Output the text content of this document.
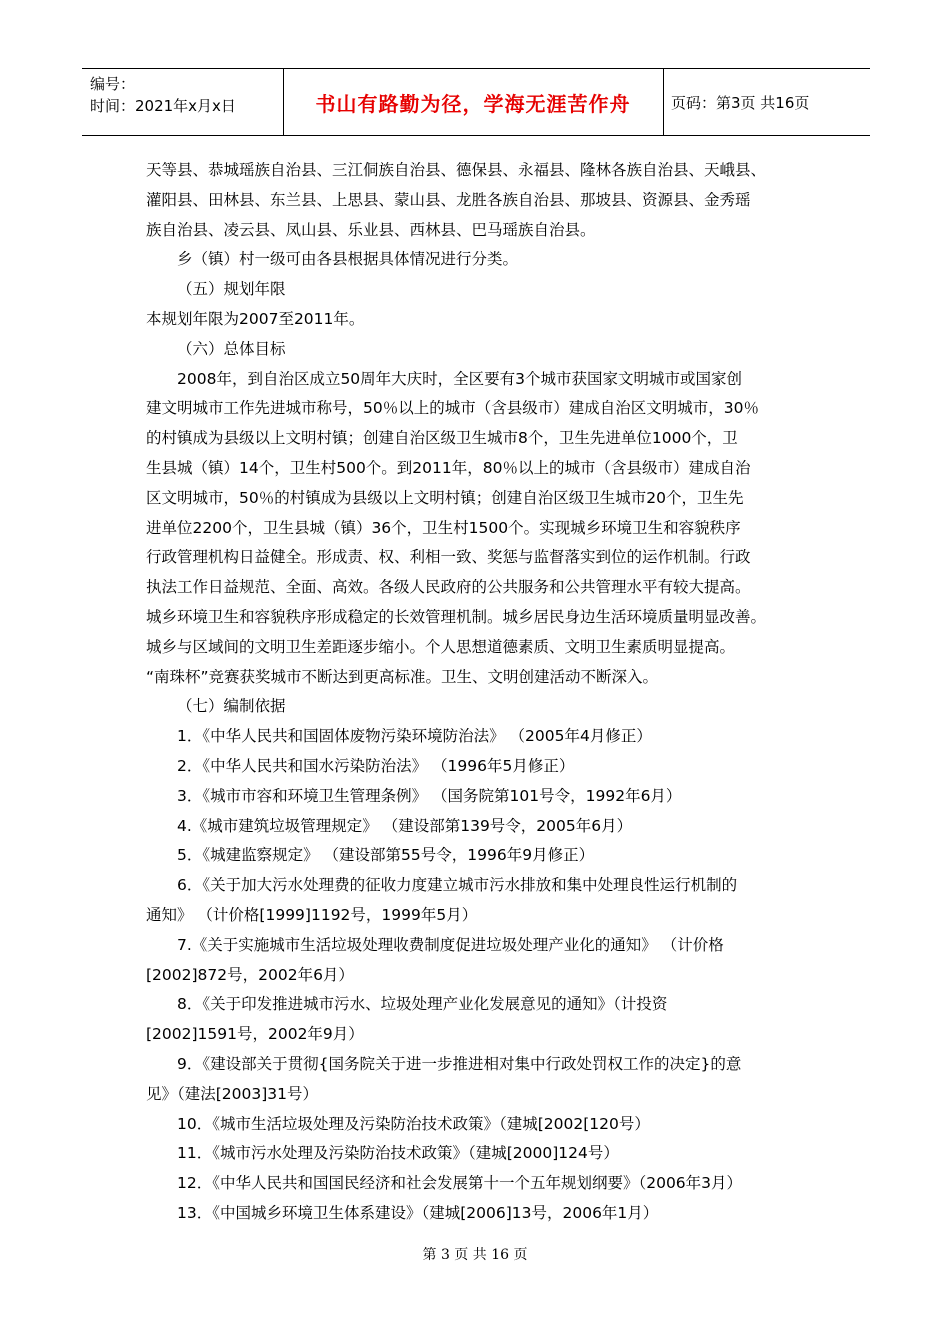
编号：
时间：2021年x月x日	书山有路勤为径，学海无涯苦作舟	页码：第3页 共16页

天等县、恭城瑶族自治县、三江侗族自治县、德保县、永福县、隆林各族自治县、天峨县、

灌阳县、田林县、东兰县、上思县、蒙山县、龙胜各族自治县、那坡县、资源县、金秀瑶

族自治县、凌云县、凤山县、乐业县、西林县、巴马瑶族自治县。

乡（镇）村一级可由各县根据具体情况进行分类。

（五）规划年限

本规划年限为2007至2011年。

（六）总体目标

2008年，到自治区成立50周年大庆时，全区要有3个城市获国家文明城市或国家创

建文明城市工作先进城市称号，50％以上的城市（含县级市）建成自治区文明城市，30％

的村镇成为县级以上文明村镇；创建自治区级卫生城市8个，卫生先进单位1000个，卫

生县城（镇）14个，卫生村500个。到2011年，80％以上的城市（含县级市）建成自治

区文明城市，50％的村镇成为县级以上文明村镇；创建自治区级卫生城市20个，卫生先

进单位2200个，卫生县城（镇）36个，卫生村1500个。实现城乡环境卫生和容貌秩序

行政管理机构日益健全。形成责、权、利相一致、奖惩与监督落实到位的运作机制。行政

执法工作日益规范、全面、高效。各级人民政府的公共服务和公共管理水平有较大提高。

城乡环境卫生和容貌秩序形成稳定的长效管理机制。城乡居民身边生活环境质量明显改善。

城乡与区域间的文明卫生差距逐步缩小。个人思想道德素质、文明卫生素质明显提高。

“南珠杯”竞赛获奖城市不断达到更高标准。卫生、文明创建活动不断深入。

（七）编制依据

1．《中华人民共和国固体废物污染环境防治法》 （2005年4月修正）

2．《中华人民共和国水污染防治法》 （1996年5月修正）

3．《城市市容和环境卫生管理条例》 （国务院第101号令，1992年6月）

4.《城市建筑垃圾管理规定》 （建设部第139号令，2005年6月）

5．《城建监察规定》 （建设部第55号令，1996年9月修正）

6．《关于加大污水处理费的征收力度建立城市污水排放和集中处理良性运行机制的

通知》 （计价格[1999]1192号，1999年5月）

7.《关于实施城市生活垃圾处理收费制度促进垃圾处理产业化的通知》 （计价格

[2002]872号，2002年6月）

8．《关于印发推进城市污水、垃圾处理产业化发展意见的通知》（计投资

[2002]1591号，2002年9月）

9．《建设部关于贯彻{国务院关于进一步推进相对集中行政处罚权工作的决定}的意

见》（建法[2003]31号）

10．《城市生活垃圾处理及污染防治技术政策》（建城[2002[120号）

11．《城市污水处理及污染防治技术政策》（建城[2000]124号）

12．《中华人民共和国国民经济和社会发展第十一个五年规划纲要》（2006年3月）

13．《中国城乡环境卫生体系建设》（建城[2006]13号，2006年1月）

第 3 页 共 16 页
